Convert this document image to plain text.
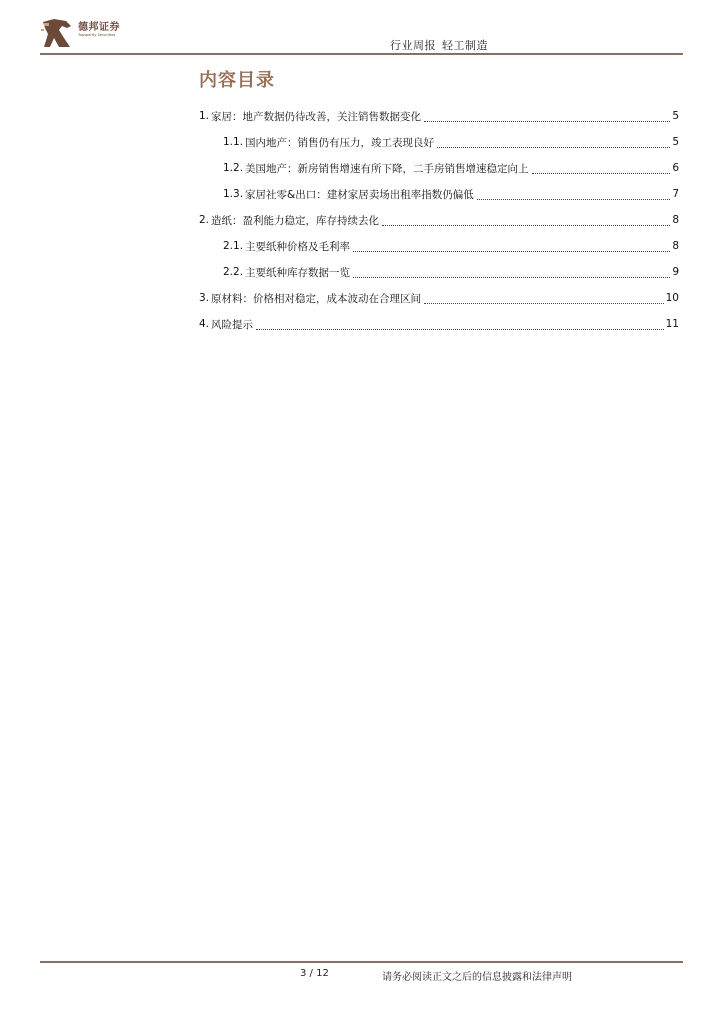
德邦证券
Topsperity Securities
行业周报 轻工制造
内容目录
1. 家居：地产数据仍待改善，关注销售数据变化	5
1.1. 国内地产：销售仍有压力，竣工表现良好	5
1.2. 美国地产：新房销售增速有所下降，二手房销售增速稳定向上	6
1.3. 家居社零&出口：建材家居卖场出租率指数仍偏低	7
2. 造纸：盈利能力稳定，库存持续去化	8
2.1. 主要纸种价格及毛利率	8
2.2. 主要纸种库存数据一览	9
3. 原材料：价格相对稳定，成本波动在合理区间	10
4. 风险提示	11
3 / 12	请务必阅读正文之后的信息披露和法律声明
